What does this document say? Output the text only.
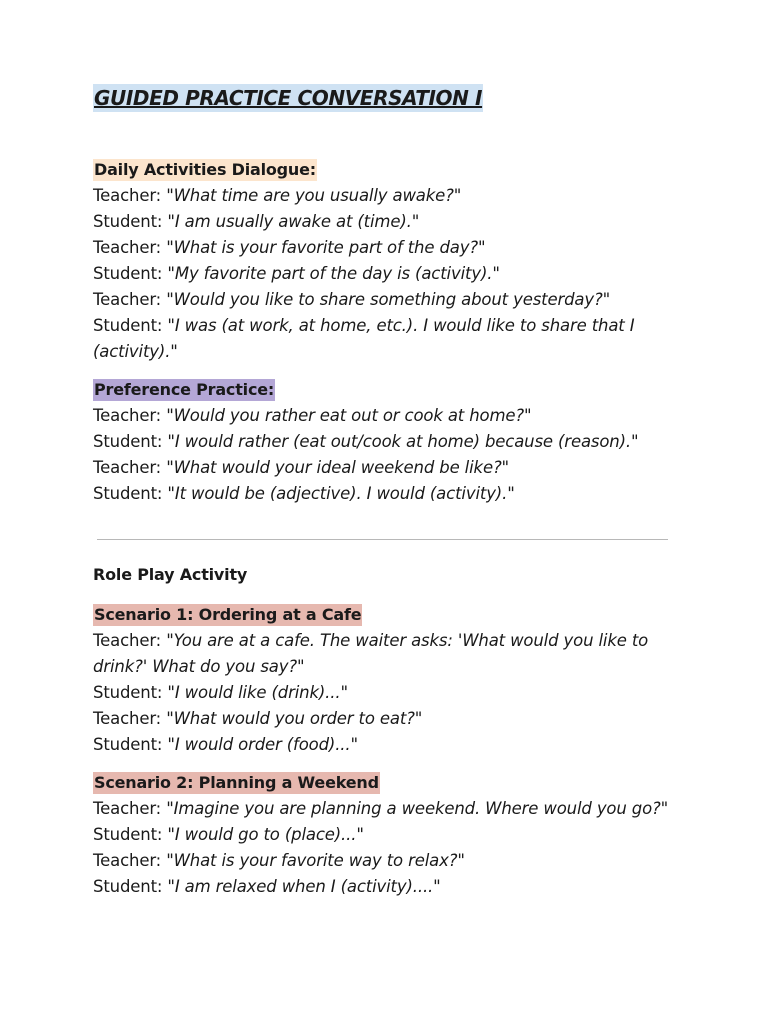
GUIDED PRACTICE CONVERSATION I
Daily Activities Dialogue:

Teacher: "What time are you usually awake?"

Student: "I am usually awake at (time)."

Teacher: "What is your favorite part of the day?"

Student: "My favorite part of the day is (activity)."

Teacher: "Would you like to share something about yesterday?"

Student: "I was (at work, at home, etc.). I would like to share that I (activity)."

Preference Practice:

Teacher: "Would you rather eat out or cook at home?"

Student: "I would rather (eat out/cook at home) because (reason)."

Teacher: "What would your ideal weekend be like?"

Student: "It would be (adjective). I would (activity)."

Role Play Activity
Scenario 1: Ordering at a Cafe

Teacher: "You are at a cafe. The waiter asks: 'What would you like to drink?' What do you say?"

Student: "I would like (drink)..."

Teacher: "What would you order to eat?"

Student: "I would order (food)..."

Scenario 2: Planning a Weekend

Teacher: "Imagine you are planning a weekend. Where would you go?"

Student: "I would go to (place)..."

Teacher: "What is your favorite way to relax?"

Student: "I am relaxed when I (activity)...."
